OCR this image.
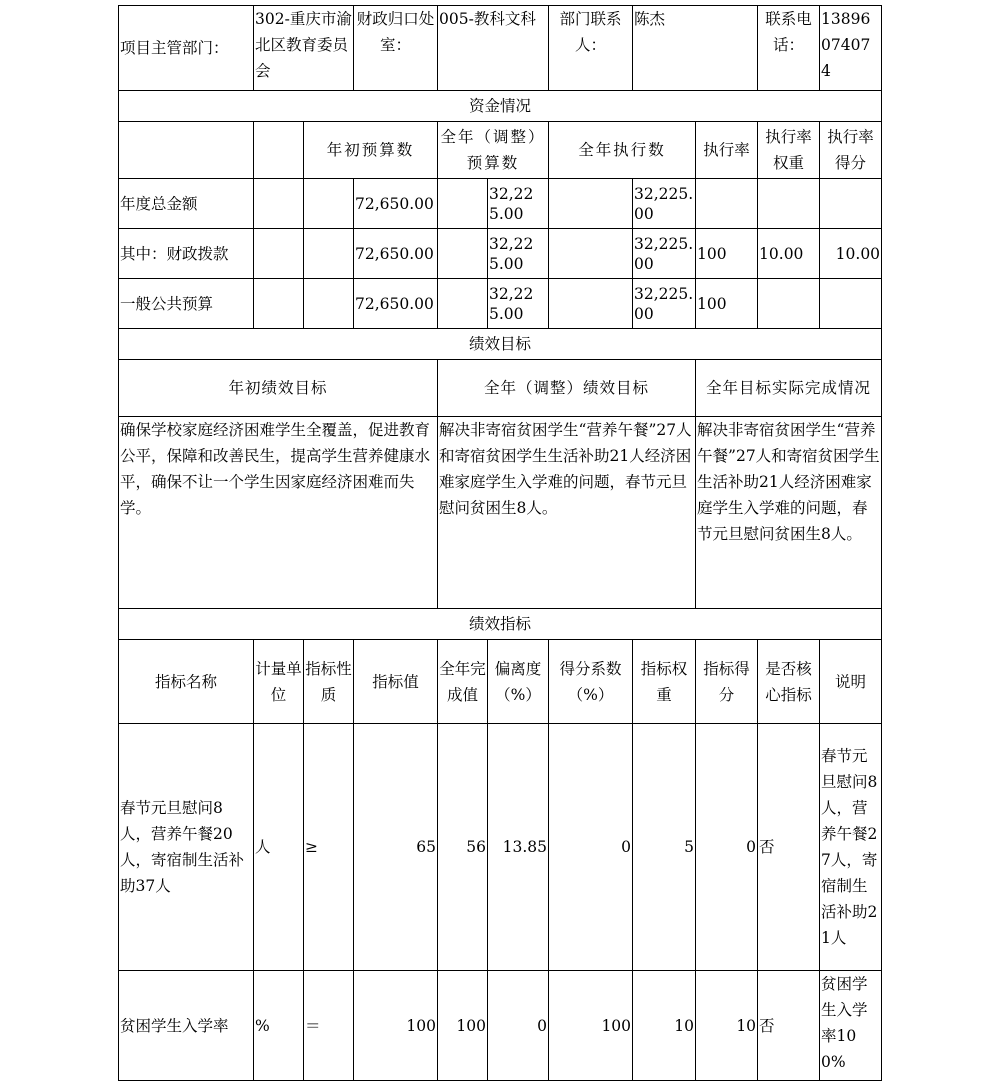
项目主管部门：	302-重庆市渝北区教育委员会		财政归口处室：	005-教科文科		部门联系人：	陈杰		联系电话：	13896074074
资金情况										
		年初预算数		全年（调整）预算数		全年执行数		执行率	执行率权重	执行率得分
年度总金额			72,650.00		32,225.00		32,225.00			
其中：财政拨款			72,650.00		32,225.00		32,225.00	100	10.00	10.00
一般公共预算			72,650.00		32,225.00		32,225.00	100		
绩效目标										
年初绩效目标				全年（调整）绩效目标				全年目标实际完成情况		
确保学校家庭经济困难学生全覆盖，促进教育公平，保障和改善民生，提高学生营养健康水平，确保不让一个学生因家庭经济困难而失学。				解决非寄宿贫困学生“营养午餐”27人和寄宿贫困学生生活补助21人经济困难家庭学生入学难的问题，春节元旦慰问贫困生8人。				解决非寄宿贫困学生“营养午餐”27人和寄宿贫困学生生活补助21人经济困难家庭学生入学难的问题，春节元旦慰问贫困生8人。		
绩效指标										
指标名称	计量单位	指标性质	指标值	全年完成值	偏离度（%）	得分系数（%）	指标权重	指标得分	是否核心指标	说明
春节元旦慰问8人，营养午餐20人，寄宿制生活补助37人	人	≥	65	56	13.85	0	5	0	否	春节元旦慰问8人，营养午餐27人，寄宿制生活补助21人
贫困学生入学率	%	＝	100	100	0	100	10	10	否	贫困学生入学率100%
